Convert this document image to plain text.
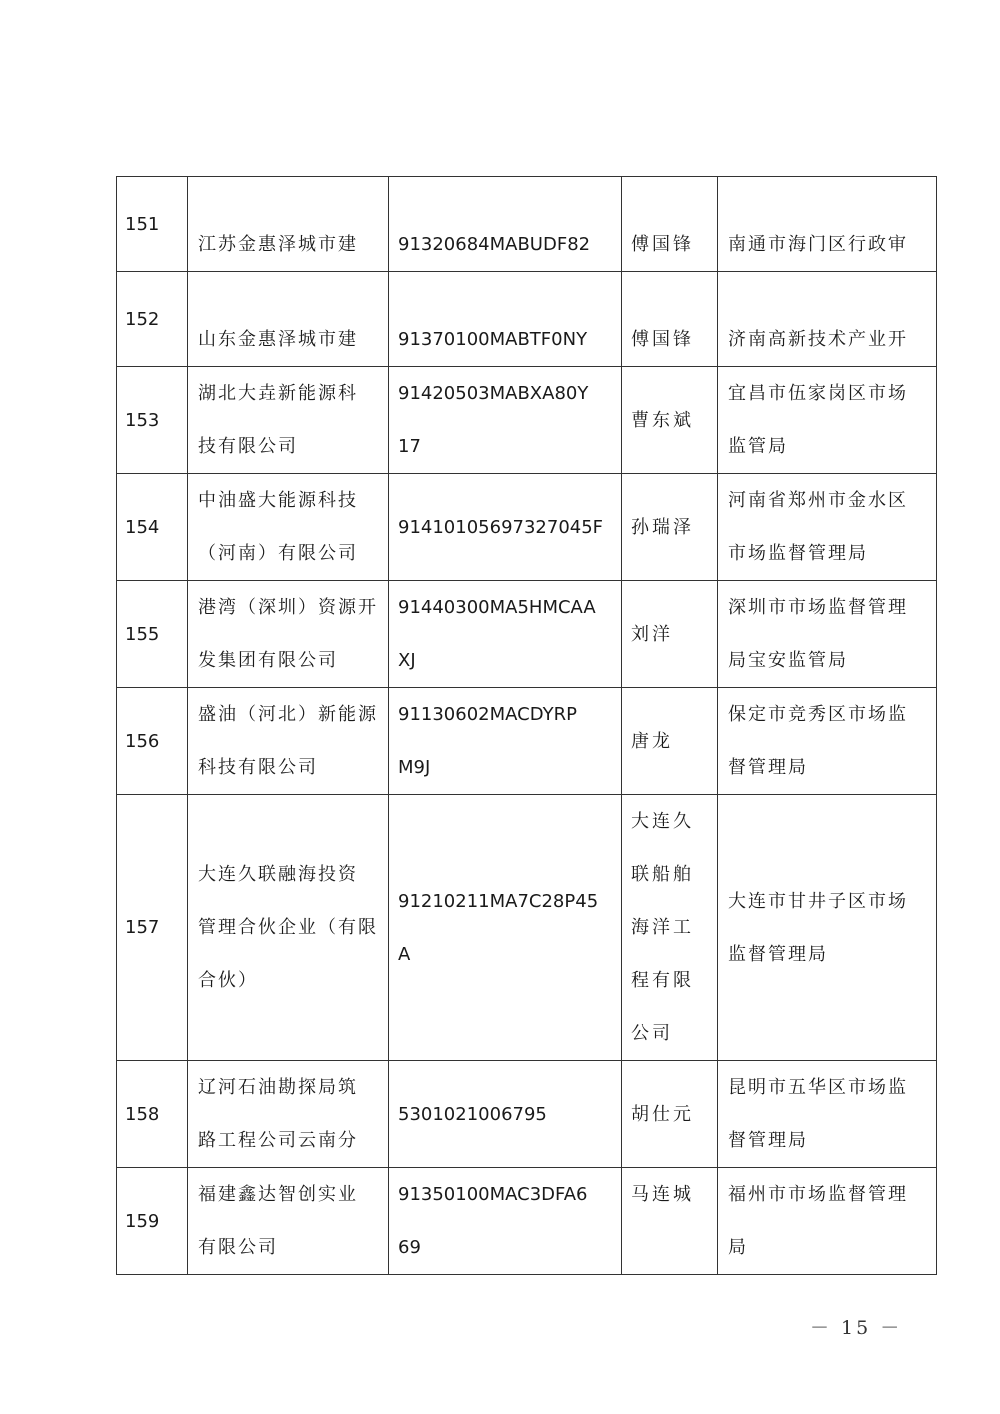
151	江苏金惠泽城市建	91320684MABUDF82	傅国锋	南通市海门区行政审

152	山东金惠泽城市建	91370100MABTF0NY	傅国锋	济南高新技术产业开

153	湖北大垚新能源科
技有限公司	91420503MABXA80Y
17	曹东斌	宜昌市伍家岗区市场
监管局

154	中油盛大能源科技
（河南）有限公司	91410105697327045F	孙瑞泽	河南省郑州市金水区
市场监督管理局

155	港湾（深圳）资源开
发集团有限公司	91440300MA5HMCAA
XJ	刘洋	深圳市市场监督管理
局宝安监管局

156	盛油（河北）新能源
科技有限公司	91130602MACDYRP
M9J	唐龙	保定市竞秀区市场监
督管理局

157	大连久联融海投资
管理合伙企业（有限
合伙）	91210211MA7C28P45
A	大连久
联船舶
海洋工
程有限
公司	大连市甘井子区市场
监督管理局

158	辽河石油勘探局筑
路工程公司云南分	5301021006795	胡仕元	昆明市五华区市场监
督管理局

159	福建鑫达智创实业
有限公司	91350100MAC3DFA6
69	马连城	福州市市场监督管理
局
－ 15 －
